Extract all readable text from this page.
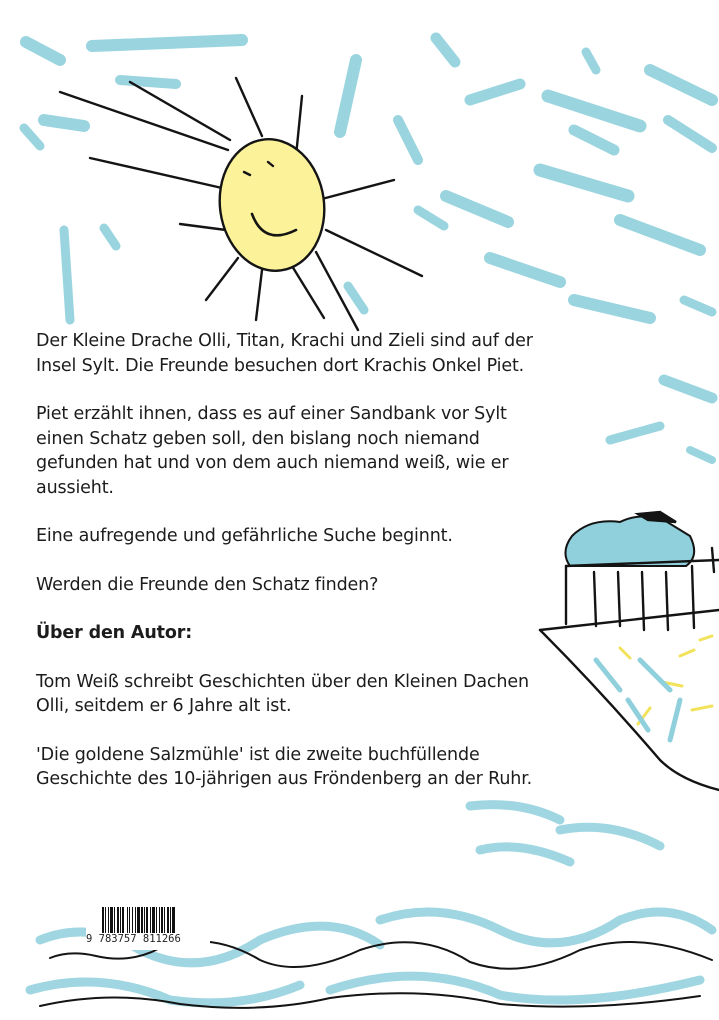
Der Kleine Drache Olli, Titan, Krachi und Zieli sind auf der Insel Sylt. Die Freunde besuchen dort Krachis Onkel Piet.

Piet erzählt ihnen, dass es auf einer Sandbank vor Sylt einen Schatz geben soll, den bislang noch niemand gefunden hat und von dem auch niemand weiß, wie er aussieht.

Eine aufregende und gefährliche Suche beginnt.

Werden die Freunde den Schatz finden?

Über den Autor:

Tom Weiß schreibt Geschichten über den Kleinen Dachen Olli, seitdem er 6 Jahre alt ist.

'Die goldene Salzmühle' ist die zweite buchfüllende Geschichte des 10-jährigen aus Fröndenberg an der Ruhr.

9 783757 811266
